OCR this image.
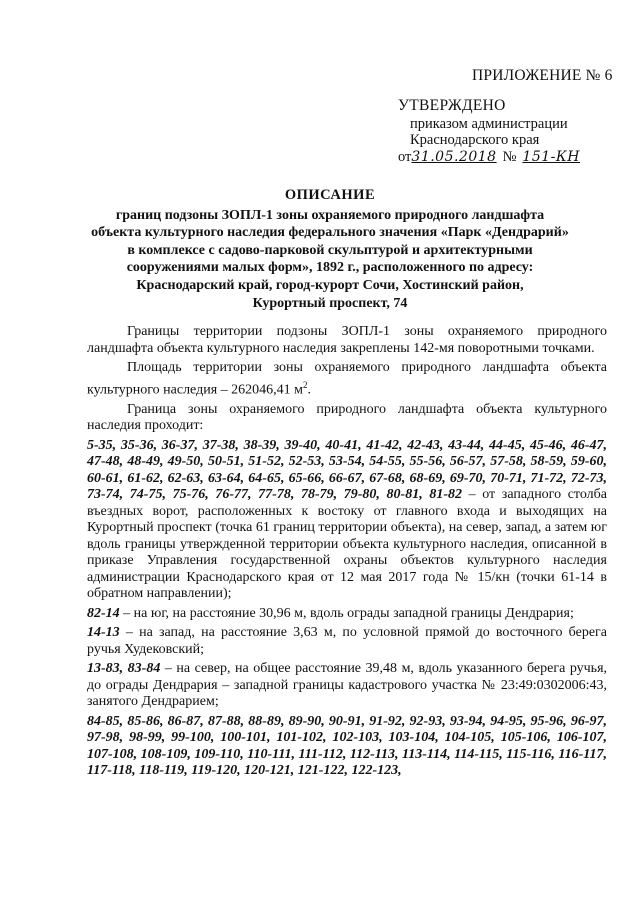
ПРИЛОЖЕНИЕ № 6
УТВЕРЖДЕНО
приказом администрации
Краснодарского края
от 31.05.2018 № 151-КН
ОПИСАНИЕ
границ подзоны ЗОПЛ-1 зоны охраняемого природного ландшафта
объекта культурного наследия федерального значения «Парк «Дендрарий»
в комплексе с садово-парковой скульптурой и архитектурными
сооружениями малых форм», 1892 г., расположенного по адресу:
Краснодарский край, город-курорт Сочи, Хостинский район,
Курортный проспект, 74

Границы территории подзоны ЗОПЛ-1 зоны охраняемого природного ландшафта объекта культурного наследия закреплены 142-мя поворотными точками.

Площадь территории зоны охраняемого природного ландшафта объекта культурного наследия – 262046,41 $м^2$.

Граница зоны охраняемого природного ландшафта объекта культурного наследия проходит:

5-35, 35-36, 36-37, 37-38, 38-39, 39-40, 40-41, 41-42, 42-43, 43-44, 44-45, 45-46, 46-47, 47-48, 48-49, 49-50, 50-51, 51-52, 52-53, 53-54, 54-55, 55-56, 56-57, 57-58, 58-59, 59-60, 60-61, 61-62, 62-63, 63-64, 64-65, 65-66, 66-67, 67-68, 68-69, 69-70, 70-71, 71-72, 72-73, 73-74, 74-75, 75-76, 76-77, 77-78, 78-79, 79-80, 80-81, 81-82 – от западного столба въездных ворот, расположенных к востоку от главного входа и выходящих на Курортный проспект (точка 61 границ территории объекта), на север, запад, а затем юг вдоль границы утвержденной территории объекта культурного наследия, описанной в приказе Управления государственной охраны объектов культурного наследия администрации Краснодарского края от 12 мая 2017 года № 15/кн (точки 61-14 в обратном направлении);

82-14 – на юг, на расстояние 30,96 м, вдоль ограды западной границы Дендрария;

14-13 – на запад, на расстояние 3,63 м, по условной прямой до восточного берега ручья Худековский;

13-83, 83-84 – на север, на общее расстояние 39,48 м, вдоль указанного берега ручья, до ограды Дендрария – западной границы кадастрового участка № 23:49:0302006:43, занятого Дендрарием;

84-85, 85-86, 86-87, 87-88, 88-89, 89-90, 90-91, 91-92, 92-93, 93-94, 94-95, 95-96, 96-97, 97-98, 98-99, 99-100, 100-101, 101-102, 102-103, 103-104, 104-105, 105-106, 106-107, 107-108, 108-109, 109-110, 110-111, 111-112, 112-113, 113-114, 114-115, 115-116, 116-117, 117-118, 118-119, 119-120, 120-121, 121-122, 122-123,
